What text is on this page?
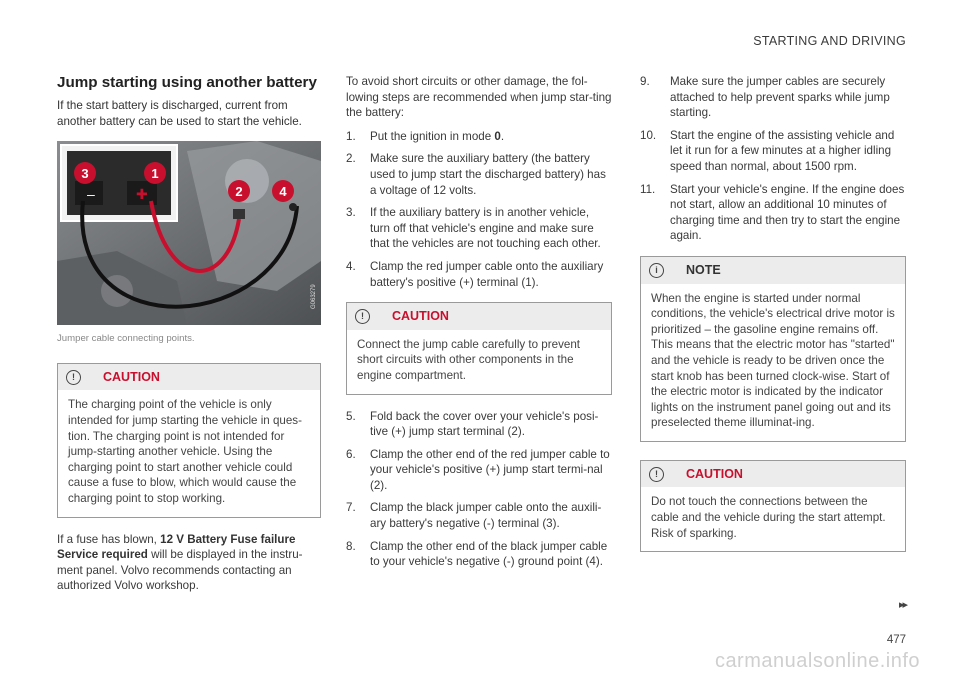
STARTING AND DRIVING
Jump starting using another battery

If the start battery is discharged, current from another battery can be used to start the vehicle.

–	✚
3	1
2	4
G063279
Jumper cable connecting points.
!	CAUTION
The charging point of the vehicle is only intended for jump starting the vehicle in ques-tion. The charging point is not intended for jump-starting another vehicle. Using the charging point to start another vehicle could cause a fuse to blow, which would cause the charging point to stop working.

If a fuse has blown, 12 V Battery Fuse failure Service required will be displayed in the instru-ment panel. Volvo recommends contacting an authorized Volvo workshop.

To avoid short circuits or other damage, the fol-lowing steps are recommended when jump star-ting the battery:

1.	Put the ignition in mode 0.
2.	Make sure the auxiliary battery (the battery used to jump start the discharged battery) has a voltage of 12 volts.
3.	If the auxiliary battery is in another vehicle, turn off that vehicle's engine and make sure that the vehicles are not touching each other.
4.	Clamp the red jumper cable onto the auxiliary battery's positive (+) terminal (1).
!	CAUTION
Connect the jump cable carefully to prevent short circuits with other components in the engine compartment.
5.	Fold back the cover over your vehicle's posi-tive (+) jump start terminal (2).
6.	Clamp the other end of the red jumper cable to your vehicle's positive (+) jump start termi-nal (2).
7.	Clamp the black jumper cable onto the auxili-ary battery's negative (-) terminal (3).
8.	Clamp the other end of the black jumper cable to your vehicle's negative (-) ground point (4).
9.	Make sure the jumper cables are securely attached to help prevent sparks while jump starting.
10.	Start the engine of the assisting vehicle and let it run for a few minutes at a higher idling speed than normal, about 1500 rpm.
11.	Start your vehicle's engine. If the engine does not start, allow an additional 10 minutes of charging time and then try to start the engine again.
i	NOTE
When the engine is started under normal conditions, the vehicle's electrical drive motor is prioritized – the gasoline engine remains off. This means that the electric motor has "started" and the vehicle is ready to be driven once the start knob has been turned clock-wise. Start of the electric motor is indicated by the indicator lights on the instrument panel going out and its preselected theme illuminat-ing.
!	CAUTION
Do not touch the connections between the cable and the vehicle during the start attempt. Risk of sparking.
▸▸
477
carmanualsonline.info
